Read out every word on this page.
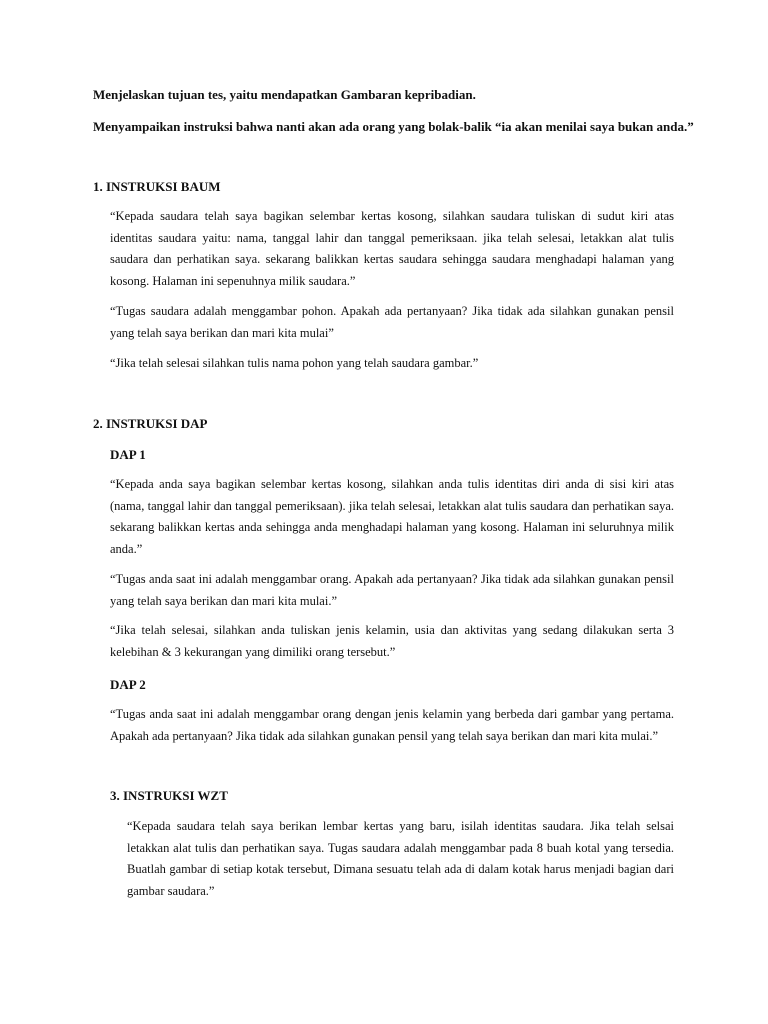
Menjelaskan tujuan tes, yaitu mendapatkan Gambaran kepribadian.
Menyampaikan instruksi bahwa nanti akan ada orang yang bolak-balik “ia akan menilai saya bukan anda.”
1. INSTRUKSI BAUM
“Kepada saudara telah saya bagikan selembar kertas kosong, silahkan saudara tuliskan di sudut kiri atas identitas saudara yaitu: nama, tanggal lahir dan tanggal pemeriksaan. jika telah selesai, letakkan alat tulis saudara dan perhatikan saya. sekarang balikkan kertas saudara sehingga saudara menghadapi halaman yang kosong. Halaman ini sepenuhnya milik saudara.”
“Tugas saudara adalah menggambar pohon. Apakah ada pertanyaan? Jika tidak ada silahkan gunakan pensil yang telah saya berikan dan mari kita mulai”
“Jika telah selesai silahkan tulis nama pohon yang telah saudara gambar.”
2. INSTRUKSI DAP
DAP 1
“Kepada anda saya bagikan selembar kertas kosong, silahkan anda tulis identitas diri anda di sisi kiri atas (nama, tanggal lahir dan tanggal pemeriksaan). jika telah selesai, letakkan alat tulis saudara dan perhatikan saya. sekarang balikkan kertas anda sehingga anda menghadapi halaman yang kosong. Halaman ini seluruhnya milik anda.”
“Tugas anda saat ini adalah menggambar orang. Apakah ada pertanyaan? Jika tidak ada silahkan gunakan pensil yang telah saya berikan dan mari kita mulai.”
“Jika telah selesai, silahkan anda tuliskan jenis kelamin, usia dan aktivitas yang sedang dilakukan serta 3 kelebihan & 3 kekurangan yang dimiliki orang tersebut.”
DAP 2
“Tugas anda saat ini adalah menggambar orang dengan jenis kelamin yang berbeda dari gambar yang pertama. Apakah ada pertanyaan? Jika tidak ada silahkan gunakan pensil yang telah saya berikan dan mari kita mulai.”
3. INSTRUKSI WZT
“Kepada saudara telah saya berikan lembar kertas yang baru, isilah identitas saudara. Jika telah selsai letakkan alat tulis dan perhatikan saya. Tugas saudara adalah menggambar pada 8 buah kotal yang tersedia. Buatlah gambar di setiap kotak tersebut, Dimana sesuatu telah ada di dalam kotak harus menjadi bagian dari gambar saudara.”
